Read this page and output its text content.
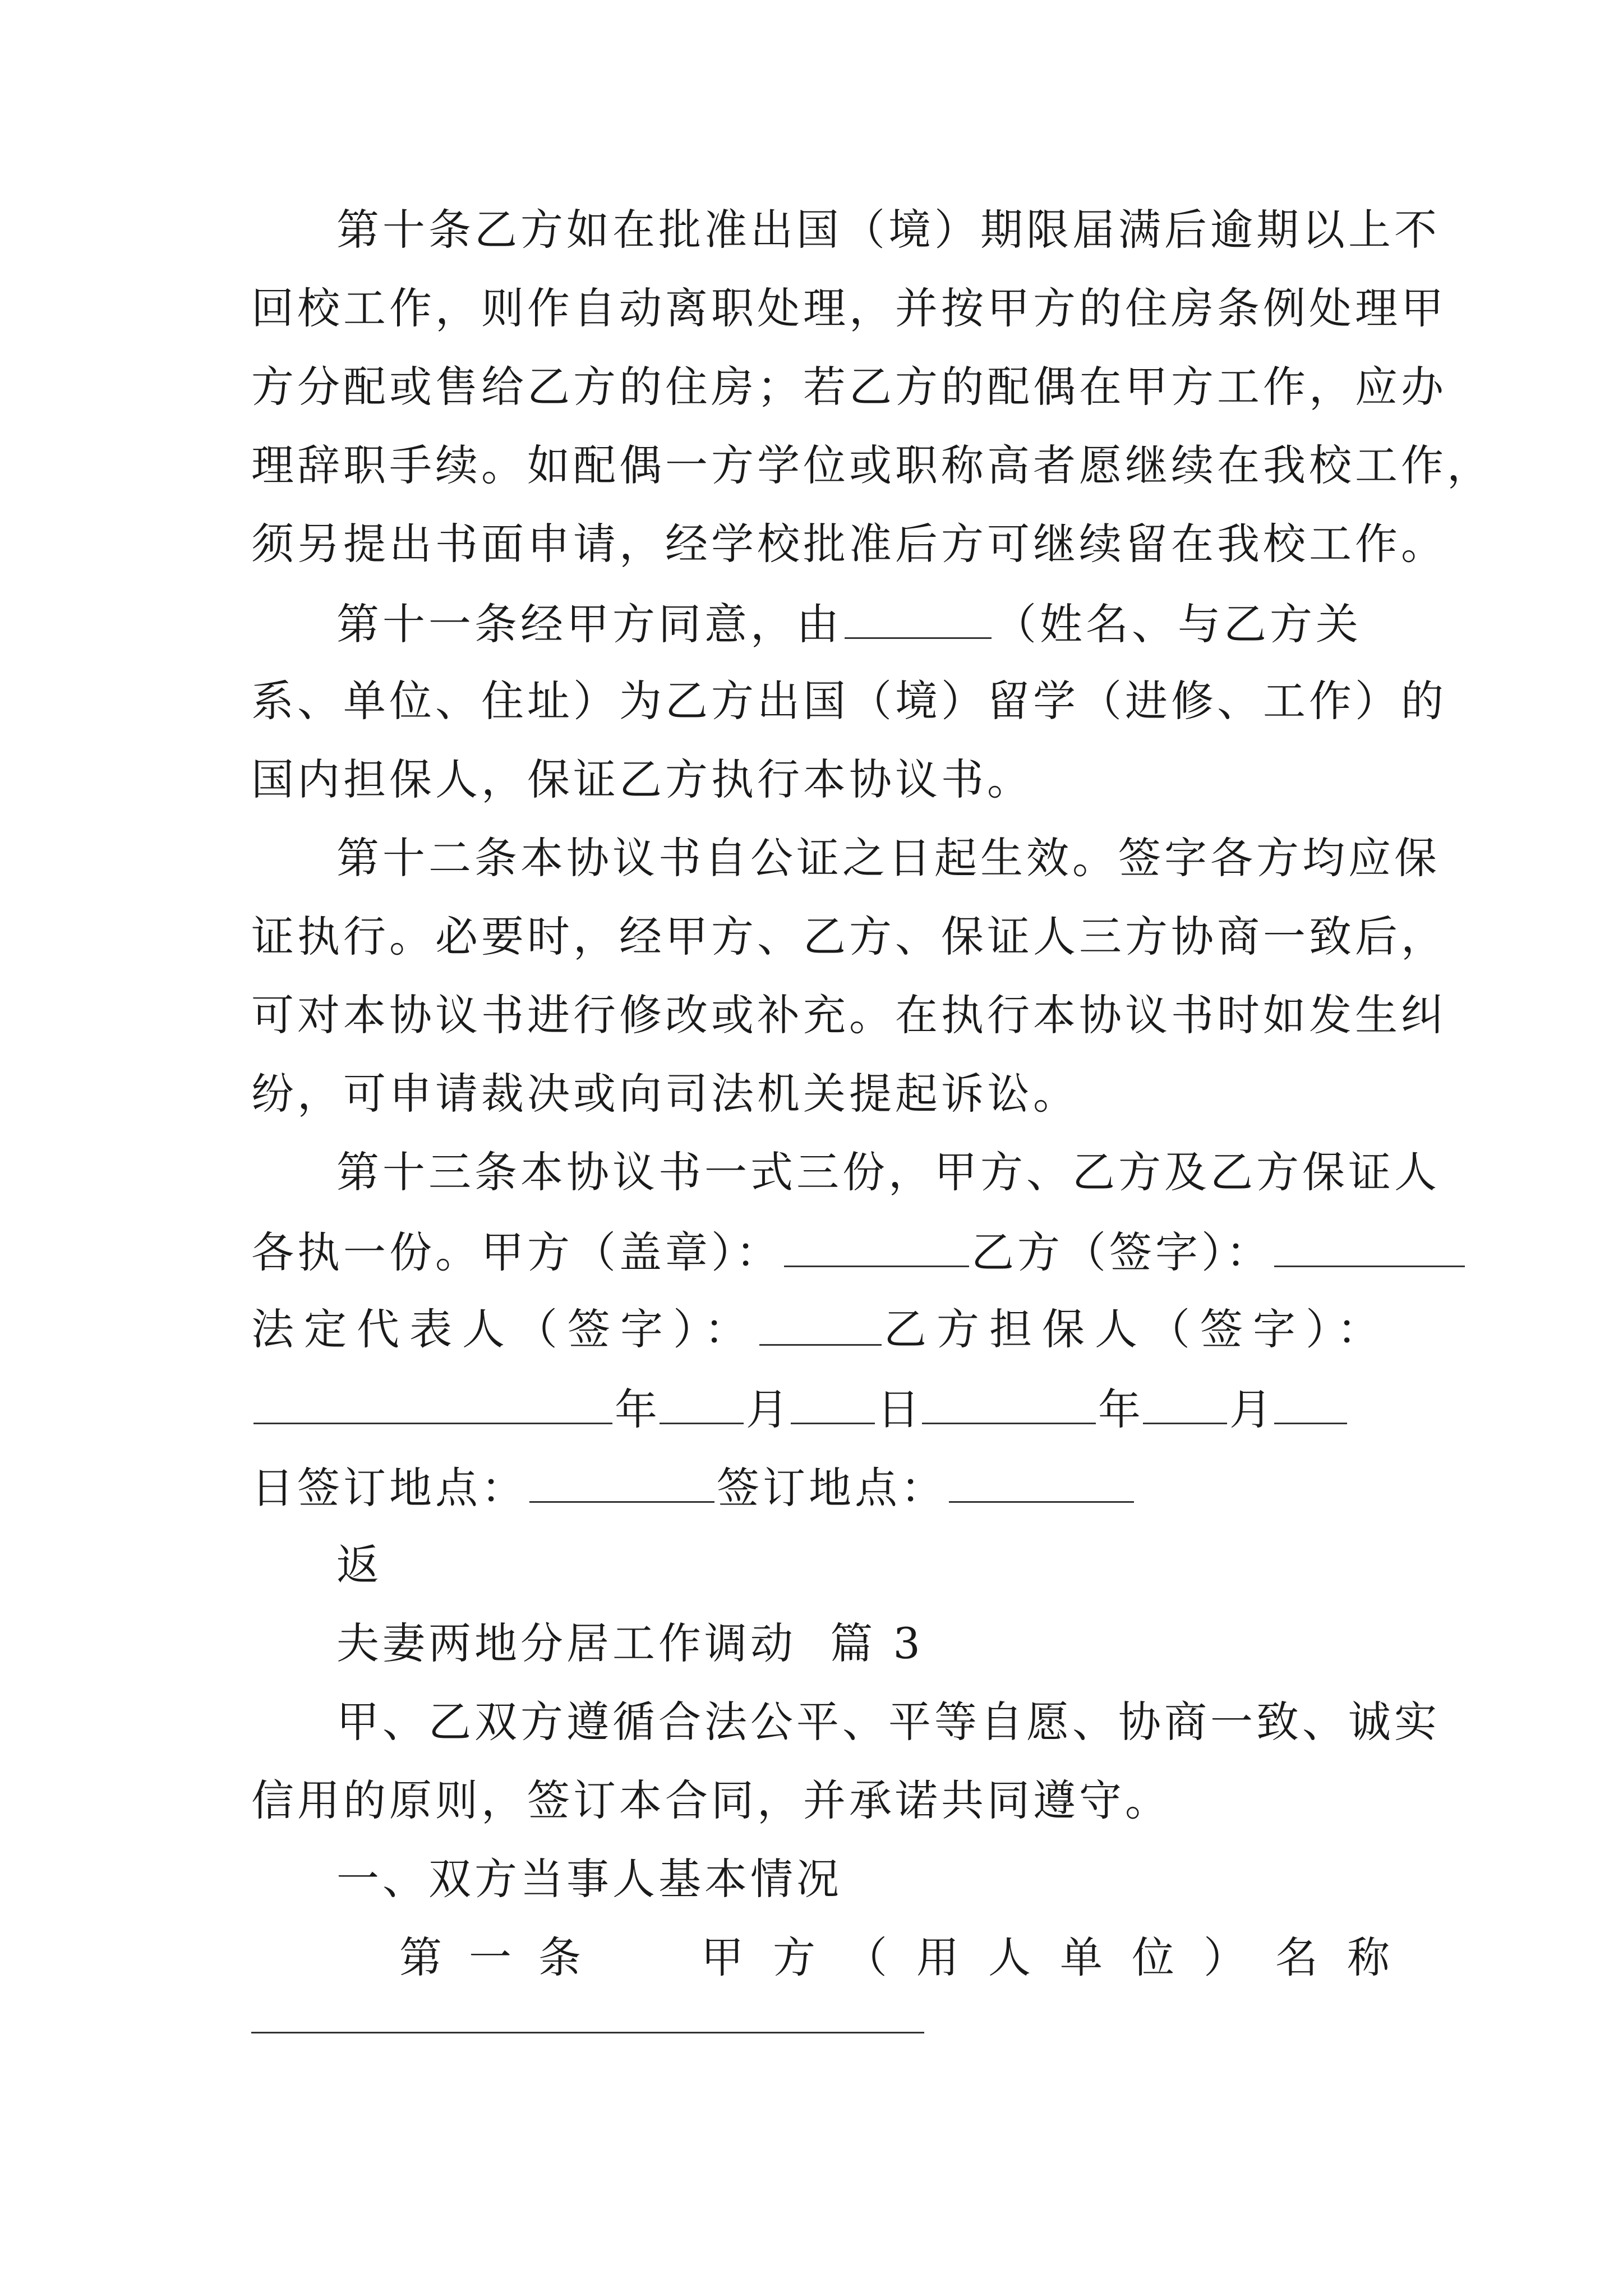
第十条乙方如在批准出国（境）期限届满后逾期以上不
回校工作，则作自动离职处理，并按甲方的住房条例处理甲
方分配或售给乙方的住房；若乙方的配偶在甲方工作，应办
理辞职手续。如配偶一方学位或职称高者愿继续在我校工作，
须另提出书面申请，经学校批准后方可继续留在我校工作。
第十一条经甲方同意，由	（姓名、与乙方关
系、单位、住址）为乙方出国（境）留学（进修、工作）的
国内担保人，保证乙方执行本协议书。
第十二条本协议书自公证之日起生效。签字各方均应保
证执行。必要时，经甲方、乙方、保证人三方协商一致后，
可对本协议书进行修改或补充。在执行本协议书时如发生纠
纷，可申请裁决或向司法机关提起诉讼。
第十三条本协议书一式三份，甲方、乙方及乙方保证人
各执一份。甲方（盖章）：	乙方（签字）：
法定代表人（签字）：	乙方担保人（签字）：
年 月 日	年 月
日签订地点：	签订地点：
返
夫妻两地分居工作调动  篇 3
甲、乙双方遵循合法公平、平等自愿、协商一致、诚实
信用的原则，签订本合同，并承诺共同遵守。
一、双方当事人基本情况
第一条 甲方（用人单位）名称
